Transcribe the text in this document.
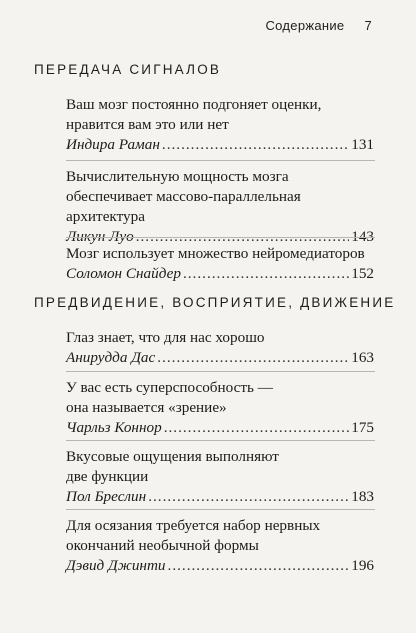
Содержание 7
ПЕРЕДАЧА СИГНАЛОВ
Ваш мозг постоянно подгоняет оценки,
нравится вам это или нет
Индира Раман .....	131
Вычислительную мощность мозга
обеспечивает массово-параллельная
архитектура
Ликун Луо .....	143
Мозг использует множество нейромедиаторов
Соломон Снайдер .....	152
ПРЕДВИДЕНИЕ, ВОСПРИЯТИЕ, ДВИЖЕНИЕ
Глаз знает, что для нас хорошо
Анирудда Дас .....	163
У вас есть суперспособность —
она называется «зрение»
Чарльз Коннор .....	175
Вкусовые ощущения выполняют
две функции
Пол Бреслин .....	183
Для осязания требуется набор нервных
окончаний необычной формы
Дэвид Джинти .....	196
